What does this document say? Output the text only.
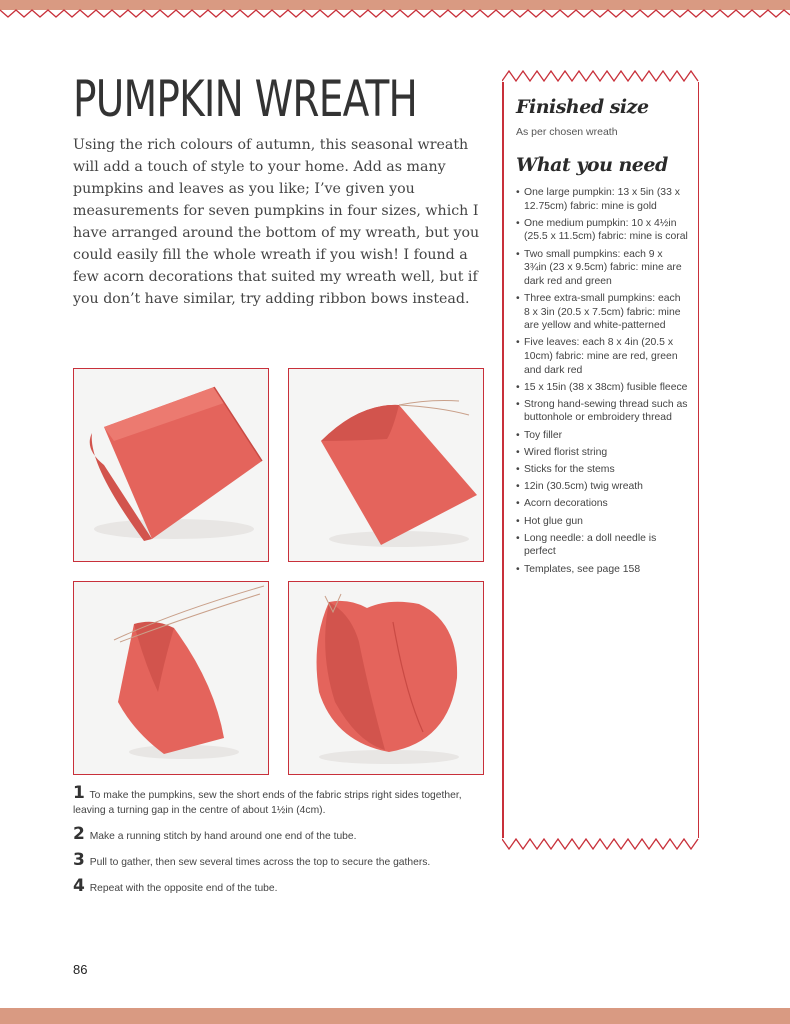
PUMPKIN WREATH

Using the rich colours of autumn, this seasonal wreath will add a touch of style to your home. Add as many pumpkins and leaves as you like; I’ve given you measurements for seven pumpkins in four sizes, which I have arranged around the bottom of my wreath, but you could easily fill the whole wreath if you wish! I found a few acorn decorations that suited my wreath well, but if you don’t have similar, try adding ribbon bows instead.

1 To make the pumpkins, sew the short ends of the fabric strips right sides together, leaving a turning gap in the centre of about 1½in (4cm).
2 Make a running stitch by hand around one end of the tube.
3 Pull to gather, then sew several times across the top to secure the gathers.
4 Repeat with the opposite end of the tube.
Finished size

As per chosen wreath

What you need
• One large pumpkin: 13 x 5in (33 x 12.75cm) fabric: mine is gold
• One medium pumpkin: 10 x 4½in (25.5 x 11.5cm) fabric: mine is coral
• Two small pumpkins: each 9 x 3¾in (23 x 9.5cm) fabric: mine are dark red and green
• Three extra-small pumpkins: each 8 x 3in (20.5 x 7.5cm) fabric: mine are yellow and white-patterned
• Five leaves: each 8 x 4in (20.5 x 10cm) fabric: mine are red, green and dark red
• 15 x 15in (38 x 38cm) fusible fleece
• Strong hand-sewing thread such as buttonhole or embroidery thread
• Toy filler
• Wired florist string
• Sticks for the stems
• 12in (30.5cm) twig wreath
• Acorn decorations
• Hot glue gun
• Long needle: a doll needle is perfect
• Templates, see page 158
86
